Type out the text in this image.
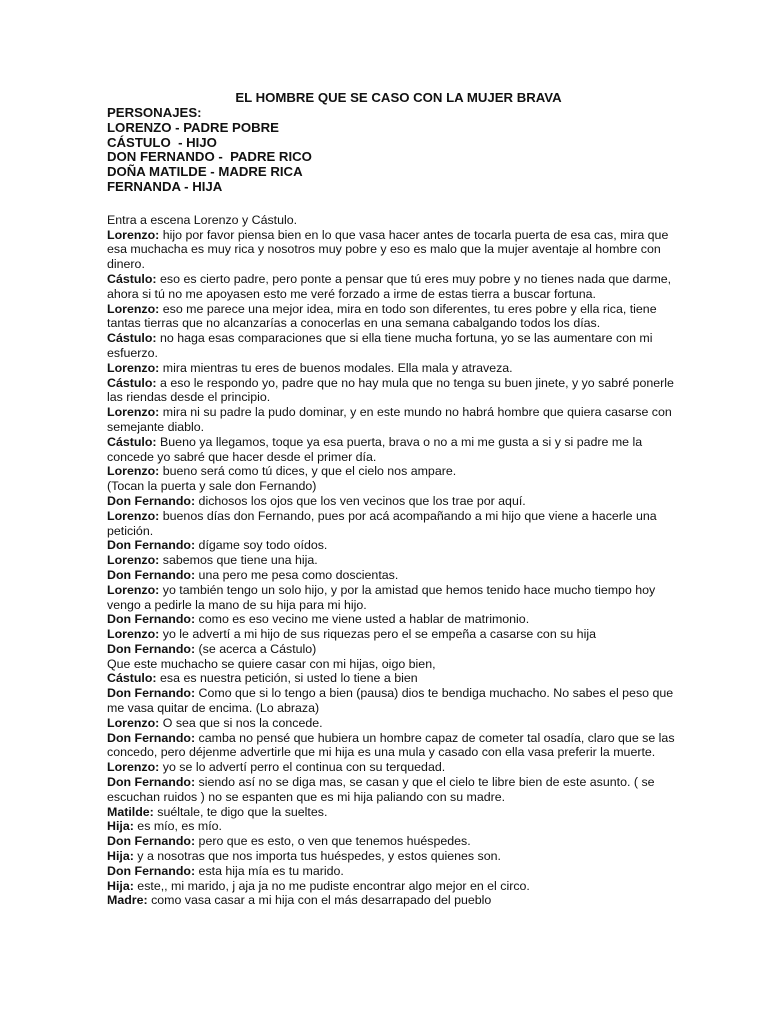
EL HOMBRE QUE SE CASO CON LA MUJER BRAVA
PERSONAJES:
LORENZO - PADRE POBRE
CÁSTULO  - HIJO
DON FERNANDO -  PADRE RICO
DOÑA MATILDE - MADRE RICA
FERNANDA - HIJA
Entra a escena Lorenzo y Cástulo.
Lorenzo: hijo por favor piensa bien en lo que vasa hacer antes de tocarla puerta de esa cas, mira que esa muchacha es muy rica y nosotros muy pobre y eso es malo que la mujer aventaje al hombre con dinero.
Cástulo: eso es cierto padre, pero ponte a pensar que tú eres muy pobre y no tienes nada que darme, ahora si tú no me apoyasen esto me veré forzado a irme de estas tierra a buscar fortuna.
Lorenzo: eso me parece una mejor idea, mira en todo son diferentes, tu eres pobre y ella rica, tiene tantas tierras que no alcanzarías a conocerlas en una semana cabalgando todos los días.
Cástulo: no haga esas comparaciones que si ella tiene mucha fortuna, yo se las aumentare con mi esfuerzo.
Lorenzo: mira mientras tu eres de buenos modales. Ella mala y atraveza.
Cástulo: a eso le respondo yo, padre que no hay mula que no tenga su buen jinete, y yo sabré ponerle las riendas desde el principio.
Lorenzo: mira ni su padre la pudo dominar, y en este mundo no habrá hombre que quiera casarse con semejante diablo.
Cástulo: Bueno ya llegamos, toque ya esa puerta, brava o no a mi me gusta a si y si padre me la concede yo sabré que hacer desde el primer día.
Lorenzo: bueno será como tú dices, y que el cielo nos ampare.
(Tocan la puerta y sale don Fernando)
Don Fernando: dichosos los ojos que los ven vecinos que los trae por aquí.
Lorenzo: buenos días don Fernando, pues por acá acompañando a mi hijo que viene a hacerle una petición.
Don Fernando: dígame soy todo oídos.
Lorenzo: sabemos que tiene una hija.
Don Fernando: una pero me pesa como doscientas.
Lorenzo: yo también tengo un solo hijo, y por la amistad que hemos tenido hace mucho tiempo hoy vengo a pedirle la mano de su hija para mi hijo.
Don Fernando: como es eso vecino me viene usted a hablar de matrimonio.
Lorenzo: yo le advertí a mi hijo de sus riquezas pero el se empeña a casarse con su hija
Don Fernando: (se acerca a Cástulo)
Que este muchacho se quiere casar con mi hijas, oigo bien,
Cástulo: esa es nuestra petición, si usted lo tiene a bien
Don Fernando: Como que si lo tengo a bien (pausa) dios te bendiga muchacho. No sabes el peso que me vasa quitar de encima. (Lo abraza)
Lorenzo: O sea que si nos la concede.
Don Fernando: camba no pensé que hubiera un hombre capaz de cometer tal osadía, claro que se las concedo, pero déjenme advertirle que mi hija es una mula y casado con ella vasa preferir la muerte.
Lorenzo: yo se lo advertí perro el continua con su terquedad.
Don Fernando: siendo así no se diga mas, se casan y que el cielo te libre bien de este asunto. ( se escuchan ruidos ) no se espanten que es mi hija paliando con su madre.
Matilde: suéltale, te digo que la sueltes.
Hija: es mío, es mío.
Don Fernando: pero que es esto, o ven que tenemos huéspedes.
Hija: y a nosotras que nos importa tus huéspedes, y estos quienes son.
Don Fernando: esta hija mía es tu marido.
Hija: este,, mi marido, j aja ja no me pudiste encontrar algo mejor en el circo.
Madre: como vasa casar a mi hija con el más desarrapado del pueblo
